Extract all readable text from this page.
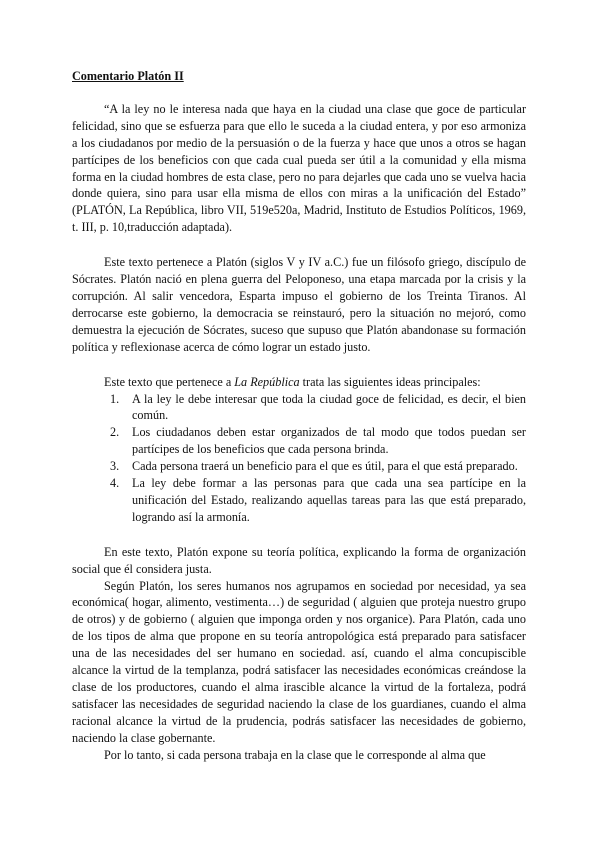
Comentario Platón II

“A la ley no le interesa nada que haya en la ciudad una clase que goce de particular felicidad, sino que se esfuerza para que ello le suceda a la ciudad entera, y por eso armoniza a los ciudadanos por medio de la persuasión o de la fuerza y hace que unos a otros se hagan partícipes de los beneficios con que cada cual pueda ser útil a la comunidad y ella misma forma en la ciudad hombres de esta clase, pero no para dejarles que cada uno se vuelva hacia donde quiera, sino para usar ella misma de ellos con miras a la unificación del Estado” (PLATÓN, La República, libro VII, 519e520a, Madrid, Instituto de Estudios Políticos, 1969, t. III, p. 10,traducción adaptada).

Este texto pertenece a Platón (siglos V y IV a.C.) fue un filósofo griego, discípulo de Sócrates. Platón nació en plena guerra del Peloponeso, una etapa marcada por la crisis y la corrupción. Al salir vencedora, Esparta impuso el gobierno de los Treinta Tiranos. Al derrocarse este gobierno, la democracia se reinstauró, pero la situación no mejoró, como demuestra la ejecución de Sócrates, suceso que supuso que Platón abandonase su formación política y reflexionase acerca de cómo lograr un estado justo.

Este texto que pertenece a La República trata las siguientes ideas principales:

1. A la ley le debe interesar que toda la ciudad goce de felicidad, es decir, el bien común.
2. Los ciudadanos deben estar organizados de tal modo que todos puedan ser partícipes de los beneficios que cada persona brinda.
3. Cada persona traerá un beneficio para el que es útil, para el que está preparado.
4. La ley debe formar a las personas para que cada una sea partícipe en la unificación del Estado, realizando aquellas tareas para las que está preparado, logrando así la armonía.

En este texto, Platón expone su teoría política, explicando la forma de organización social que él considera justa.

Según Platón, los seres humanos nos agrupamos en sociedad por necesidad, ya sea económica( hogar, alimento, vestimenta…) de seguridad ( alguien que proteja nuestro grupo de otros) y de gobierno ( alguien que imponga orden y nos organice). Para Platón, cada uno de los tipos de alma que propone en su teoría antropológica está preparado para satisfacer una de las necesidades del ser humano en sociedad. así, cuando el alma concupiscible alcance la virtud de la templanza, podrá satisfacer las necesidades económicas creándose la clase de los productores, cuando el alma irascible alcance la virtud de la fortaleza, podrá satisfacer las necesidades de seguridad naciendo la clase de los guardianes, cuando el alma racional alcance la virtud de la prudencia, podrás satisfacer las necesidades de gobierno, naciendo la clase gobernante.

Por lo tanto, si cada persona trabaja en la clase que le corresponde al alma que
